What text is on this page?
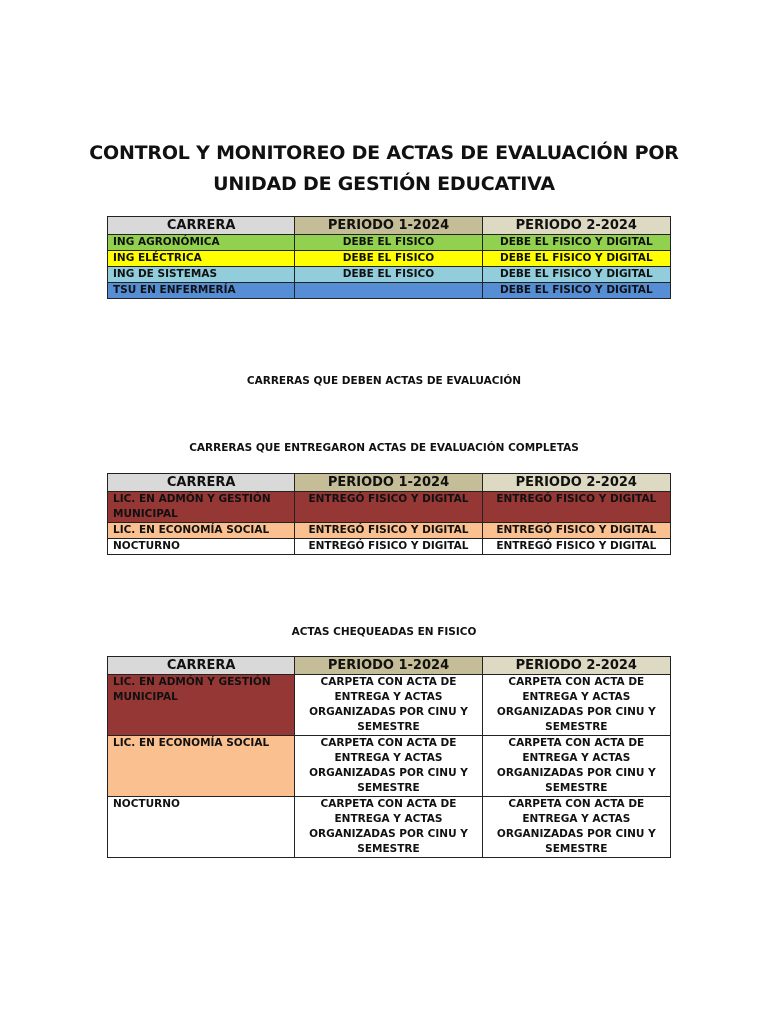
CONTROL Y MONITOREO DE ACTAS DE EVALUACIÓN POR
UNIDAD DE GESTIÓN EDUCATIVA
CARRERA	PERIODO 1-2024	PERIODO 2-2024
ING AGRONÓMICA	DEBE EL FISICO	DEBE EL FISICO Y DIGITAL
ING ELÉCTRICA	DEBE EL FISICO	DEBE EL FISICO Y DIGITAL
ING DE SISTEMAS	DEBE EL FISICO	DEBE EL FISICO Y DIGITAL
TSU EN ENFERMERÍA		DEBE EL FISICO Y DIGITAL
CARRERAS QUE DEBEN ACTAS DE EVALUACIÓN
CARRERAS QUE ENTREGARON ACTAS DE EVALUACIÓN COMPLETAS
CARRERA	PERIODO 1-2024	PERIODO 2-2024
LIC. EN ADMÓN Y GESTIÓN MUNICIPAL	ENTREGÓ FISICO Y DIGITAL	ENTREGÓ FISICO Y DIGITAL
LIC. EN ECONOMÍA SOCIAL	ENTREGÓ FISICO Y DIGITAL	ENTREGÓ FISICO Y DIGITAL
NOCTURNO	ENTREGÓ FISICO Y DIGITAL	ENTREGÓ FISICO Y DIGITAL
ACTAS CHEQUEADAS EN FISICO
CARRERA	PERIODO 1-2024	PERIODO 2-2024
LIC. EN ADMÓN Y GESTIÓN MUNICIPAL	CARPETA CON ACTA DE ENTREGA Y ACTAS ORGANIZADAS POR CINU Y SEMESTRE	CARPETA CON ACTA DE ENTREGA Y ACTAS ORGANIZADAS POR CINU Y SEMESTRE
LIC. EN ECONOMÍA SOCIAL	CARPETA CON ACTA DE ENTREGA Y ACTAS ORGANIZADAS POR CINU Y SEMESTRE	CARPETA CON ACTA DE ENTREGA Y ACTAS ORGANIZADAS POR CINU Y SEMESTRE
NOCTURNO	CARPETA CON ACTA DE ENTREGA Y ACTAS ORGANIZADAS POR CINU Y SEMESTRE	CARPETA CON ACTA DE ENTREGA Y ACTAS ORGANIZADAS POR CINU Y SEMESTRE
